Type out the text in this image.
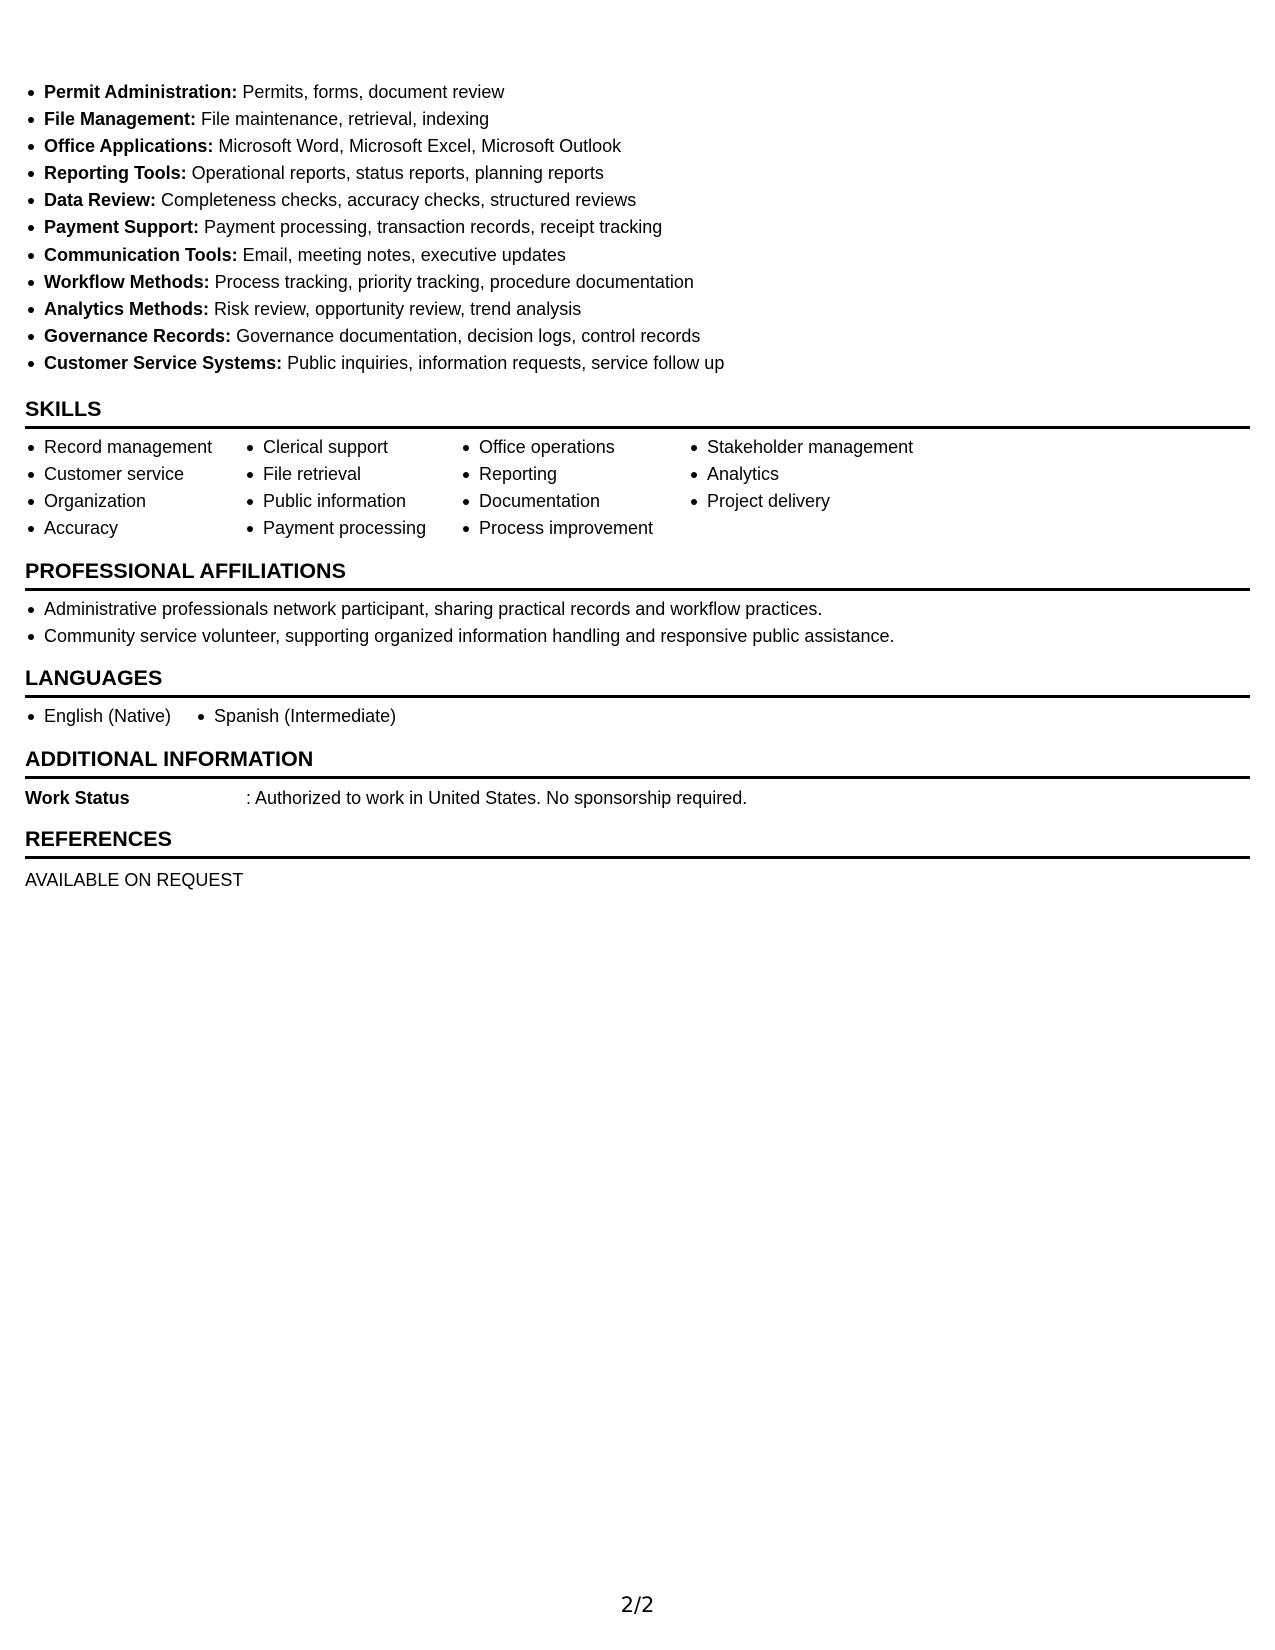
Permit Administration: Permits, forms, document review
File Management: File maintenance, retrieval, indexing
Office Applications: Microsoft Word, Microsoft Excel, Microsoft Outlook
Reporting Tools: Operational reports, status reports, planning reports
Data Review: Completeness checks, accuracy checks, structured reviews
Payment Support: Payment processing, transaction records, receipt tracking
Communication Tools: Email, meeting notes, executive updates
Workflow Methods: Process tracking, priority tracking, procedure documentation
Analytics Methods: Risk review, opportunity review, trend analysis
Governance Records: Governance documentation, decision logs, control records
Customer Service Systems: Public inquiries, information requests, service follow up
SKILLS
Record management
Customer service
Organization
Accuracy
Clerical support
File retrieval
Public information
Payment processing
Office operations
Reporting
Documentation
Process improvement
Stakeholder management
Analytics
Project delivery
PROFESSIONAL AFFILIATIONS
Administrative professionals network participant, sharing practical records and workflow practices.
Community service volunteer, supporting organized information handling and responsive public assistance.
LANGUAGES
English (Native)	Spanish (Intermediate)
ADDITIONAL INFORMATION
Work Status	: Authorized to work in United States. No sponsorship required.
REFERENCES
AVAILABLE ON REQUEST
2/2
